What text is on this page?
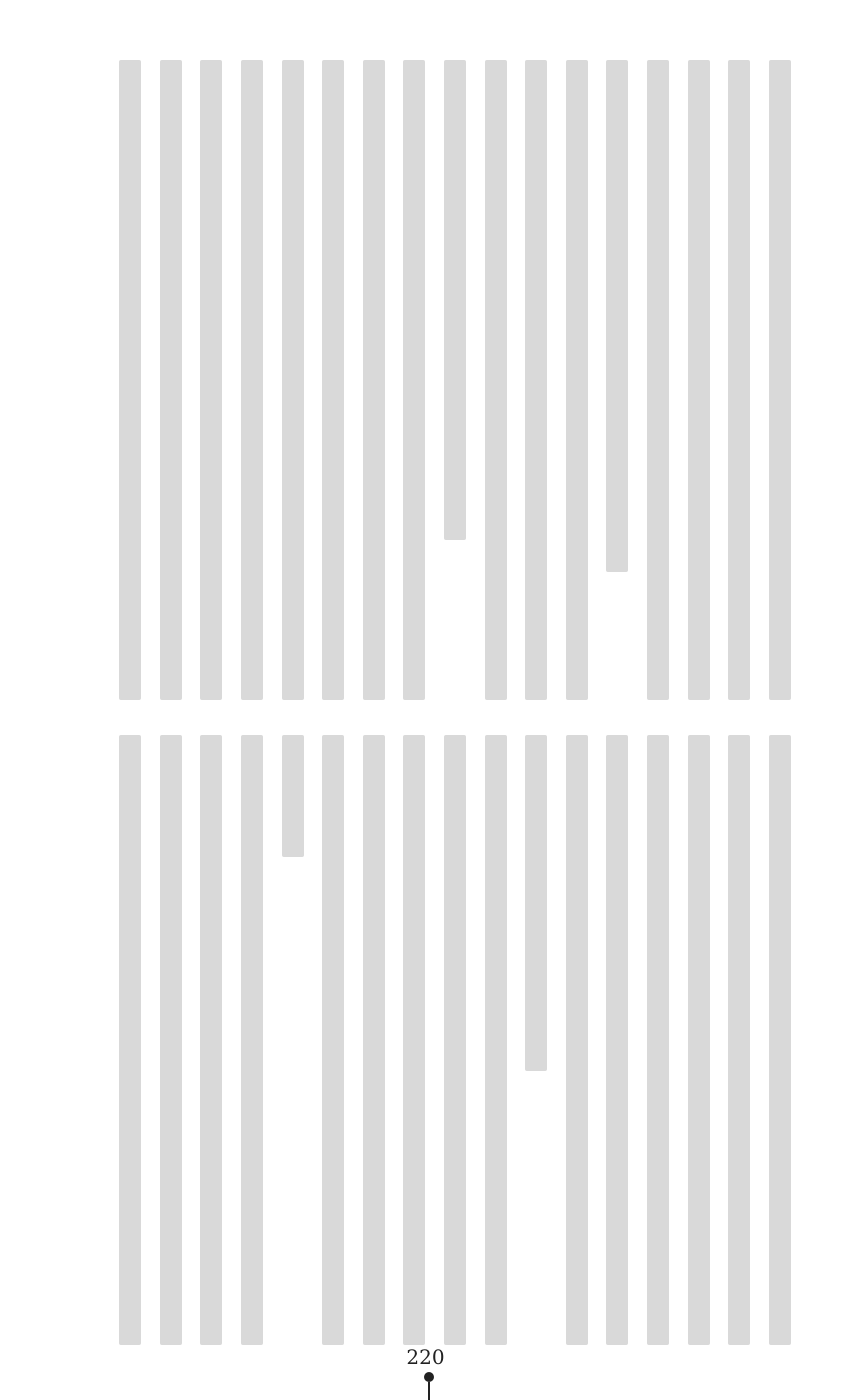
220
